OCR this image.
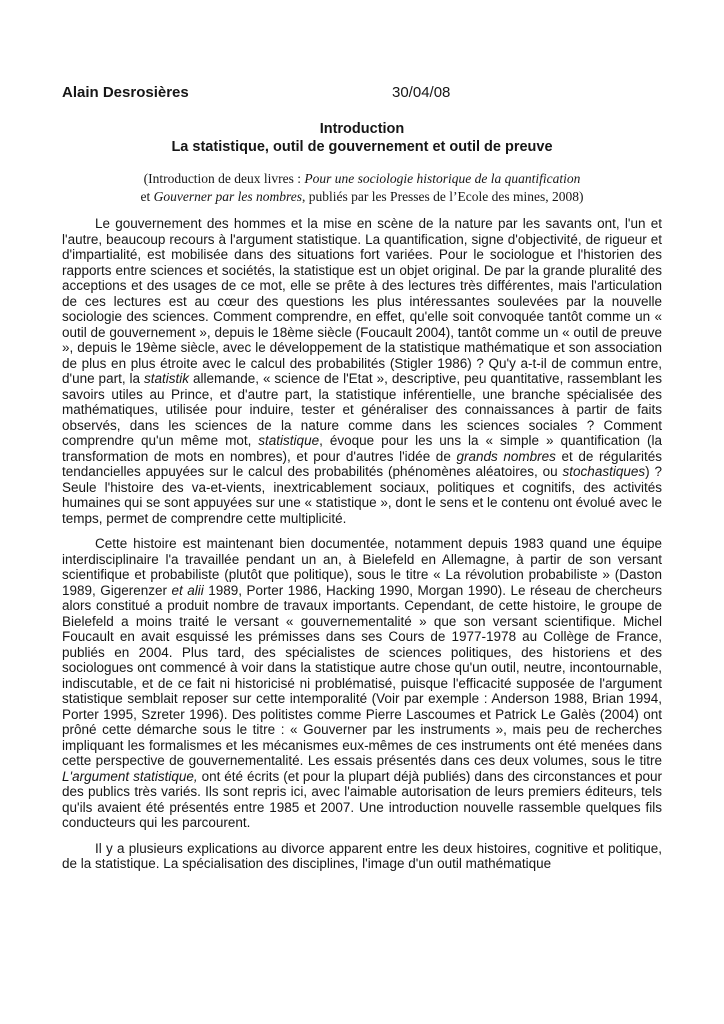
Alain Desrosières	30/04/08
Introduction
La statistique, outil de gouvernement et outil de preuve
(Introduction de deux livres : Pour une sociologie historique de la quantification
et Gouverner par les nombres, publiés par les Presses de l’Ecole des mines, 2008)

Le gouvernement des hommes et la mise en scène de la nature par les savants ont, l'un et l'autre, beaucoup recours à l'argument statistique. La quantification, signe d'objectivité, de rigueur et d'impartialité, est mobilisée dans des situations fort variées. Pour le sociologue et l'historien des rapports entre sciences et sociétés, la statistique est un objet original. De par la grande pluralité des acceptions et des usages de ce mot, elle se prête à des lectures très différentes, mais l'articulation de ces lectures est au cœur des questions les plus intéressantes soulevées par la nouvelle sociologie des sciences. Comment comprendre, en effet, qu'elle soit convoquée tantôt comme un « outil de gouvernement », depuis le 18ème siècle (Foucault 2004), tantôt comme un « outil de preuve », depuis le 19ème siècle, avec le développement de la statistique mathématique et son association de plus en plus étroite avec le calcul des probabilités (Stigler 1986) ? Qu'y a-t-il de commun entre, d'une part, la statistik allemande, « science de l'Etat », descriptive, peu quantitative, rassemblant les savoirs utiles au Prince, et d'autre part, la statistique inférentielle, une branche spécialisée des mathématiques, utilisée pour induire, tester et généraliser des connaissances à partir de faits observés, dans les sciences de la nature comme dans les sciences sociales ? Comment comprendre qu'un même mot, statistique, évoque pour les uns la « simple » quantification (la transformation de mots en nombres), et pour d'autres l'idée de grands nombres et de régularités tendancielles appuyées sur le calcul des probabilités (phénomènes aléatoires, ou stochastiques) ? Seule l'histoire des va-et-vients, inextricablement sociaux, politiques et cognitifs, des activités humaines qui se sont appuyées sur une « statistique », dont le sens et le contenu ont évolué avec le temps, permet de comprendre cette multiplicité.

Cette histoire est maintenant bien documentée, notamment depuis 1983 quand une équipe interdisciplinaire l'a travaillée pendant un an, à Bielefeld en Allemagne, à partir de son versant scientifique et probabiliste (plutôt que politique), sous le titre « La révolution probabiliste » (Daston 1989, Gigerenzer et alii 1989, Porter 1986, Hacking 1990, Morgan 1990). Le réseau de chercheurs alors constitué a produit nombre de travaux importants. Cependant, de cette histoire, le groupe de Bielefeld a moins traité le versant « gouvernementalité » que son versant scientifique. Michel Foucault en avait esquissé les prémisses dans ses Cours de 1977-1978 au Collège de France, publiés en 2004. Plus tard, des spécialistes de sciences politiques, des historiens et des sociologues ont commencé à voir dans la statistique autre chose qu'un outil, neutre, incontournable, indiscutable, et de ce fait ni historicisé ni problématisé, puisque l'efficacité supposée de l'argument statistique semblait reposer sur cette intemporalité (Voir par exemple : Anderson 1988, Brian 1994, Porter 1995, Szreter 1996). Des politistes comme Pierre Lascoumes et Patrick Le Galès (2004) ont prôné cette démarche sous le titre : « Gouverner par les instruments », mais peu de recherches impliquant les formalismes et les mécanismes eux-mêmes de ces instruments ont été menées dans cette perspective de gouvernementalité. Les essais présentés dans ces deux volumes, sous le titre L'argument statistique, ont été écrits (et pour la plupart déjà publiés) dans des circonstances et pour des publics très variés. Ils sont repris ici, avec l'aimable autorisation de leurs premiers éditeurs, tels qu'ils avaient été présentés entre 1985 et 2007. Une introduction nouvelle rassemble quelques fils conducteurs qui les parcourent.

Il y a plusieurs explications au divorce apparent entre les deux histoires, cognitive et politique, de la statistique. La spécialisation des disciplines, l'image d'un outil mathématique
